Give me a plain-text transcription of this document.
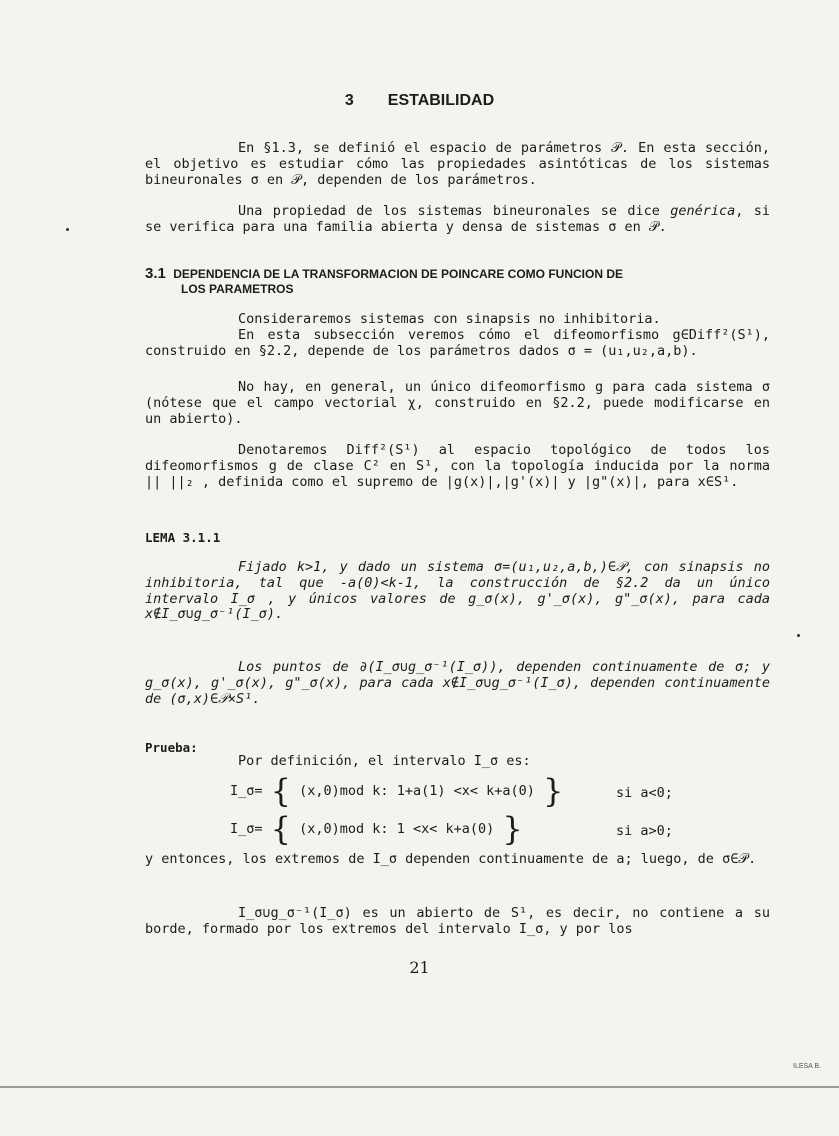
3 ESTABILIDAD
En §1.3, se definió el espacio de parámetros 𝒫. En esta sección, el objetivo es estudiar cómo las propiedades asintóticas de los sistemas bineuronales σ en 𝒫, dependen de los parámetros.
Una propiedad de los sistemas bineuronales se dice genérica, si se verifica para una familia abierta y densa de sistemas σ en 𝒫.
3.1 DEPENDENCIA DE LA TRANSFORMACION DE POINCARE COMO FUNCION DE
LOS PARAMETROS
Consideraremos sistemas con sinapsis no inhibitoria.
En esta subsección veremos cómo el difeomorfismo g∈Diff²(S¹), construido en §2.2, depende de los parámetros dados σ = (u₁,u₂,a,b).
No hay, en general, un único difeomorfismo g para cada sistema σ (nótese que el campo vectorial χ, construido en §2.2, puede modificarse en un abierto).
Denotaremos Diff²(S¹) al espacio topológico de todos los difeomorfismos g de clase C² en S¹, con la topología inducida por la norma || ||₂ , definida como el supremo de |g(x)|,|g'(x)| y |g"(x)|, para x∈S¹.
LEMA 3.1.1
Fijado k>1, y dado un sistema σ=(u₁,u₂,a,b,)∈𝒫, con sinapsis no inhibitoria, tal que -a(0)<k-1, la construcción de §2.2 da un único intervalo I_σ , y únicos valores de g_σ(x), g'_σ(x), g"_σ(x), para cada x∉I_σ∪g_σ⁻¹(I_σ).
Los puntos de ∂(I_σ∪g_σ⁻¹(I_σ)), dependen continuamente de σ; y g_σ(x), g'_σ(x), g"_σ(x), para cada x∉I_σ∪g_σ⁻¹(I_σ), dependen continuamente de (σ,x)∈𝒫×S¹.
Prueba:
Por definición, el intervalo I_σ es:
I_σ= { (x,0)mod k: 1+a(1) <x< k+a(0) }	si a<0;
I_σ= { (x,0)mod k: 1 <x< k+a(0) }	si a>0;
y entonces, los extremos de I_σ dependen continuamente de a; luego, de σ∈𝒫.
I_σ∪g_σ⁻¹(I_σ) es un abierto de S¹, es decir, no contiene a su borde, formado por los extremos del intervalo I_σ, y por los
21
ILESA B.
